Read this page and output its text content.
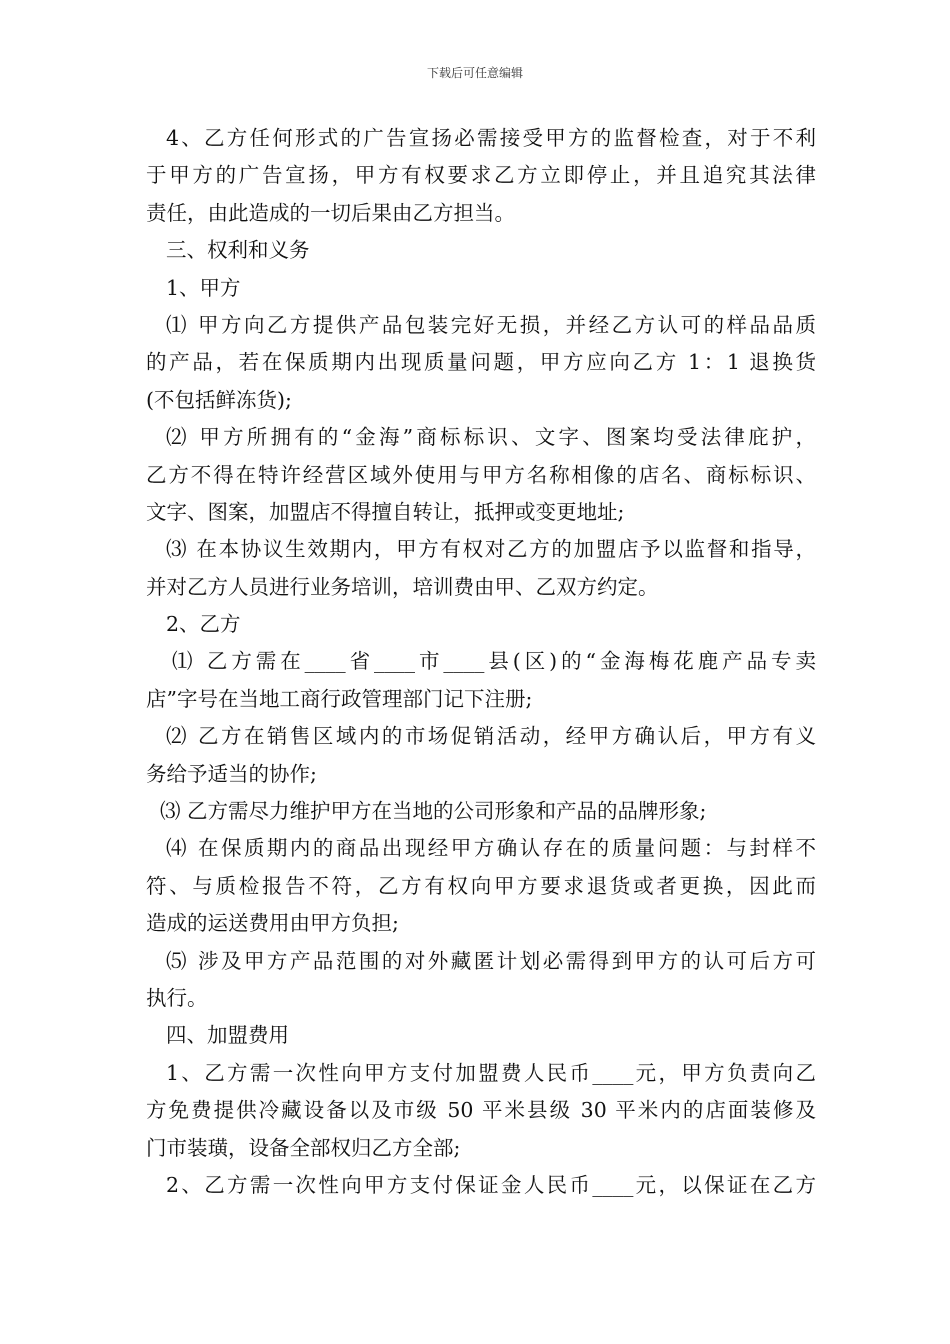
下载后可任意编辑
4、乙方任何形式的广告宣扬必需接受甲方的监督检查，对于不利
于甲方的广告宣扬，甲方有权要求乙方立即停止，并且追究其法律
责任，由此造成的一切后果由乙方担当。
三、权利和义务
1、甲方
⑴ 甲方向乙方提供产品包装完好无损，并经乙方认可的样品品质
的产品，若在保质期内出现质量问题，甲方应向乙方 1：1 退换货
(不包括鲜冻货);
⑵ 甲方所拥有的“金海”商标标识、文字、图案均受法律庇护，
乙方不得在特许经营区域外使用与甲方名称相像的店名、商标标识、
文字、图案，加盟店不得擅自转让，抵押或变更地址;
⑶ 在本协议生效期内，甲方有权对乙方的加盟店予以监督和指导，
并对乙方人员进行业务培训，培训费由甲、乙双方约定。
2、乙方
⑴ 乙方需在____省____市____县(区)的“金海梅花鹿产品专卖
店”字号在当地工商行政管理部门记下注册;
⑵ 乙方在销售区域内的市场促销活动，经甲方确认后，甲方有义
务给予适当的协作;
⑶ 乙方需尽力维护甲方在当地的公司形象和产品的品牌形象;
⑷ 在保质期内的商品出现经甲方确认存在的质量问题：与封样不
符、与质检报告不符，乙方有权向甲方要求退货或者更换，因此而
造成的运送费用由甲方负担;
⑸ 涉及甲方产品范围的对外藏匿计划必需得到甲方的认可后方可
执行。
四、加盟费用
1、乙方需一次性向甲方支付加盟费人民币____元，甲方负责向乙
方免费提供冷藏设备以及市级 50 平米县级 30 平米内的店面装修及
门市装璜，设备全部权归乙方全部;
2、乙方需一次性向甲方支付保证金人民币____元，以保证在乙方
